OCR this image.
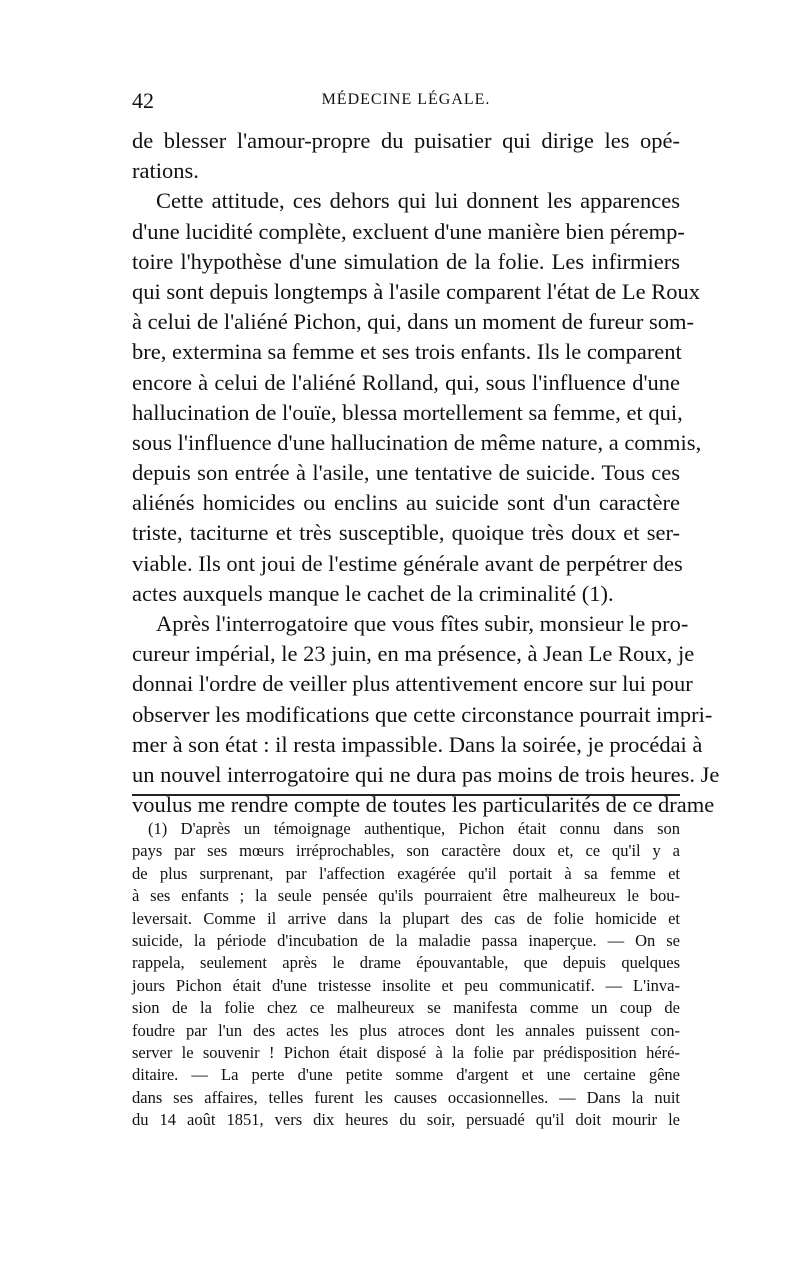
42	MÉDECINE LÉGALE.
de blesser l'amour-propre du puisatier qui dirige les opé-
rations.
Cette attitude, ces dehors qui lui donnent les apparences
d'une lucidité complète, excluent d'une manière bien péremp-
toire l'hypothèse d'une simulation de la folie. Les infirmiers
qui sont depuis longtemps à l'asile comparent l'état de Le Roux
à celui de l'aliéné Pichon, qui, dans un moment de fureur som-
bre, extermina sa femme et ses trois enfants. Ils le comparent
encore à celui de l'aliéné Rolland, qui, sous l'influence d'une
hallucination de l'ouïe, blessa mortellement sa femme, et qui,
sous l'influence d'une hallucination de même nature, a commis,
depuis son entrée à l'asile, une tentative de suicide. Tous ces
aliénés homicides ou enclins au suicide sont d'un caractère
triste, taciturne et très susceptible, quoique très doux et ser-
viable. Ils ont joui de l'estime générale avant de perpétrer des
actes auxquels manque le cachet de la criminalité (1).
Après l'interrogatoire que vous fîtes subir, monsieur le pro-
cureur impérial, le 23 juin, en ma présence, à Jean Le Roux, je
donnai l'ordre de veiller plus attentivement encore sur lui pour
observer les modifications que cette circonstance pourrait impri-
mer à son état : il resta impassible. Dans la soirée, je procédai à
un nouvel interrogatoire qui ne dura pas moins de trois heures. Je
voulus me rendre compte de toutes les particularités de ce drame
(1) D'après un témoignage authentique, Pichon était connu dans son
pays par ses mœurs irréprochables, son caractère doux et, ce qu'il y a
de plus surprenant, par l'affection exagérée qu'il portait à sa femme et
à ses enfants ; la seule pensée qu'ils pourraient être malheureux le bou-
leversait. Comme il arrive dans la plupart des cas de folie homicide et
suicide, la période d'incubation de la maladie passa inaperçue. — On se
rappela, seulement après le drame épouvantable, que depuis quelques
jours Pichon était d'une tristesse insolite et peu communicatif. — L'inva-
sion de la folie chez ce malheureux se manifesta comme un coup de
foudre par l'un des actes les plus atroces dont les annales puissent con-
server le souvenir ! Pichon était disposé à la folie par prédisposition héré-
ditaire. — La perte d'une petite somme d'argent et une certaine gêne
dans ses affaires, telles furent les causes occasionnelles. — Dans la nuit
du 14 août 1851, vers dix heures du soir, persuadé qu'il doit mourir le
